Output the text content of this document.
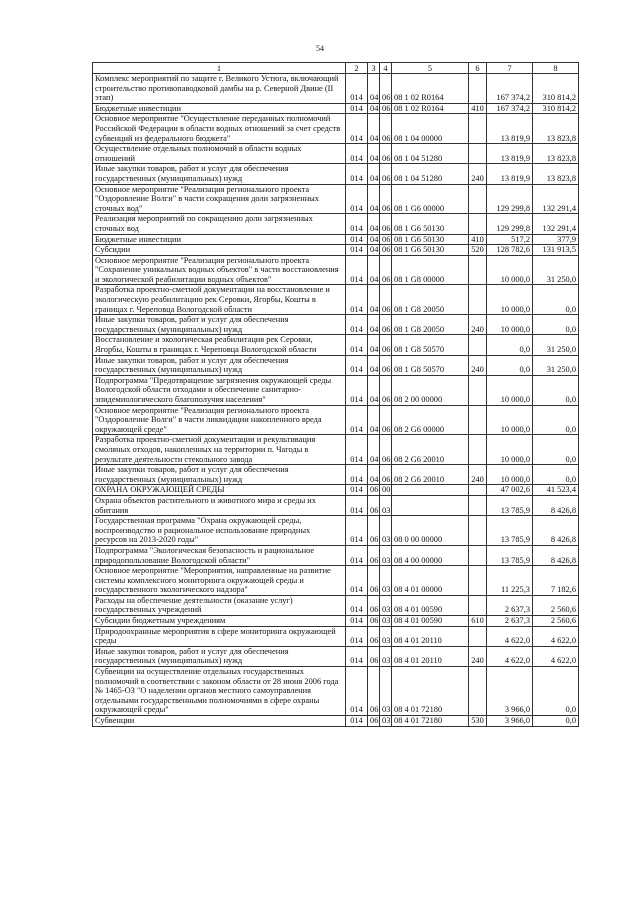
54
1	2	3	4	5	6	7	8
Комплекс мероприятий по защите г. Великого Устюга, включающий строительство противопаводковой дамбы на р. Северной Двине (II этап)	014	04	06	08 1 02 R0164		167 374,2	310 814,2
Бюджетные инвестиции	014	04	06	08 1 02 R0164	410	167 374,2	310 814,2
Основное мероприятие "Осуществление переданных полномочий Российской Федерации в области водных отношений за счет средств субвенций из федерального бюджета"	014	04	06	08 1 04 00000		13 819,9	13 823,8
Осуществление отдельных полномочий в области водных отношений	014	04	06	08 1 04 51280		13 819,9	13 823,8
Иные закупки товаров, работ и услуг для обеспечения государственных (муниципальных) нужд	014	04	06	08 1 04 51280	240	13 819,9	13 823,8
Основное мероприятие "Реализация регионального проекта "Оздоровление Волги" в части сокращения доли загрязненных сточных вод"	014	04	06	08 1 G6 00000		129 299,8	132 291,4
Реализация мероприятий по сокращению доли загрязненных сточных вод	014	04	06	08 1 G6 50130		129 299,8	132 291,4
Бюджетные инвестиции	014	04	06	08 1 G6 50130	410	517,2	377,9
Субсидии	014	04	06	08 1 G6 50130	520	128 782,6	131 913,5
Основное мероприятие "Реализация регионального проекта "Сохранение уникальных водных объектов" в части восстановления и экологической реабилитации водных объектов"	014	04	06	08 1 G8 00000		10 000,0	31 250,0
Разработка проектно-сметной документации на восстановление и экологическую реабилитацию рек Серовки, Ягорбы, Кошты в границах г. Череповца Вологодской области	014	04	06	08 1 G8 20050		10 000,0	0,0
Иные закупки товаров, работ и услуг для обеспечения государственных (муниципальных) нужд	014	04	06	08 1 G8 20050	240	10 000,0	0,0
Восстановление и экологическая реабилитация рек Серовки, Ягорбы, Кошты в границах г. Череповца Вологодской области	014	04	06	08 1 G8 50570		0,0	31 250,0
Иные закупки товаров, работ и услуг для обеспечения государственных (муниципальных) нужд	014	04	06	08 1 G8 50570	240	0,0	31 250,0
Подпрограмма "Предотвращение загрязнения окружающей среды Вологодской области отходами и обеспечение санитарно-эпидемиологического благополучия населения"	014	04	06	08 2 00 00000		10 000,0	0,0
Основное мероприятие "Реализация регионального проекта "Оздоровление Волги" в части ликвидации накопленного вреда окружающей среде"	014	04	06	08 2 G6 00000		10 000,0	0,0
Разработка проектно-сметной документации и рекультивация смоляных отходов, накопленных на территории п. Чагоды в результате деятельности стекольного завода	014	04	06	08 2 G6 20010		10 000,0	0,0
Иные закупки товаров, работ и услуг для обеспечения государственных (муниципальных) нужд	014	04	06	08 2 G6 20010	240	10 000,0	0,0
ОХРАНА ОКРУЖАЮЩЕЙ СРЕДЫ	014	06	00			47 002,6	41 523,4
Охрана объектов растительного и животного мира и среды их обитания	014	06	03			13 785,9	8 426,8
Государственная программа "Охрана окружающей среды, воспроизводство и рациональное использование природных ресурсов на 2013-2020 годы"	014	06	03	08 0 00 00000		13 785,9	8 426,8
Подпрограмма "Экологическая безопасность и рациональное природопользование Вологодской области"	014	06	03	08 4 00 00000		13 785,9	8 426,8
Основное мероприятие "Мероприятия, направленные на развитие системы комплексного мониторинга окружающей среды и государственного экологического надзора"	014	06	03	08 4 01 00000		11 225,3	7 182,6
Расходы на обеспечение деятельности (оказание услуг) государственных учреждений	014	06	03	08 4 01 00590		2 637,3	2 560,6
Субсидии бюджетным учреждениям	014	06	03	08 4 01 00590	610	2 637,3	2 560,6
Природоохранные мероприятия в сфере мониторинга окружающей среды	014	06	03	08 4 01 20110		4 622,0	4 622,0
Иные закупки товаров, работ и услуг для обеспечения государственных (муниципальных) нужд	014	06	03	08 4 01 20110	240	4 622,0	4 622,0
Субвенции на осуществление отдельных государственных полномочий в соответствии с законом области от 28 июня 2006 года № 1465-ОЗ "О наделении органов местного самоуправления отдельными государственными полномочиями в сфере охраны окружающей среды"	014	06	03	08 4 01 72180		3 966,0	0,0
Субвенции	014	06	03	08 4 01 72180	530	3 966,0	0,0
